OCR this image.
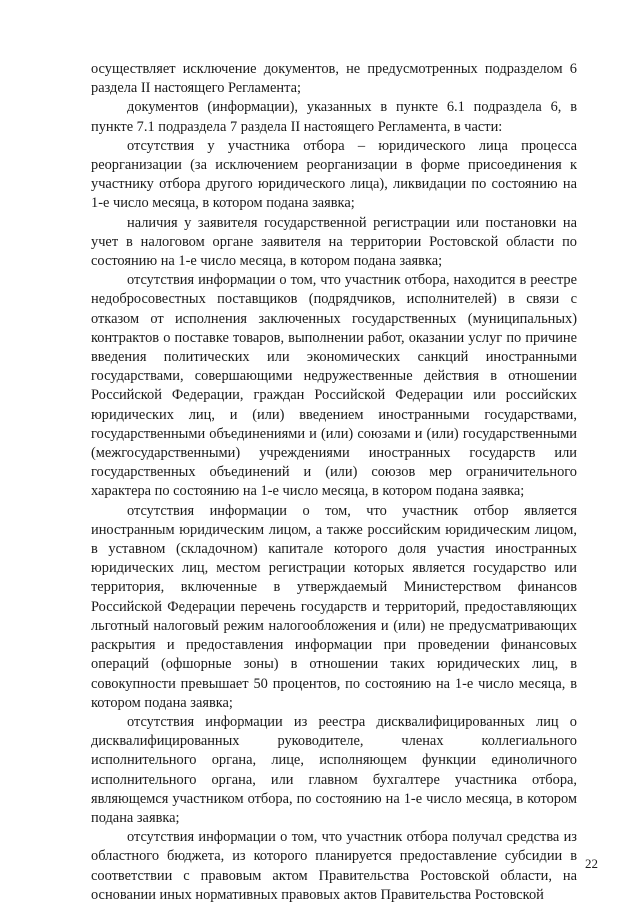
осуществляет исключение документов, не предусмотренных подразделом 6 раздела II настоящего Регламента;

документов (информации), указанных в пункте 6.1 подраздела 6, в пункте 7.1 подраздела 7 раздела II настоящего Регламента, в части:

отсутствия у участника отбора – юридического лица процесса реорганизации (за исключением реорганизации в форме присоединения к участнику отбора другого юридического лица), ликвидации по состоянию на 1-е число месяца, в котором подана заявка;

наличия у заявителя государственной регистрации или постановки на учет в налоговом органе заявителя на территории Ростовской области по состоянию на 1-е число месяца, в котором подана заявка;

отсутствия информации о том, что участник отбора, находится в реестре недобросовестных поставщиков (подрядчиков, исполнителей) в связи с отказом от исполнения заключенных государственных (муниципальных) контрактов о поставке товаров, выполнении работ, оказании услуг по причине введения политических или экономических санкций иностранными государствами, совершающими недружественные действия в отношении Российской Федерации, граждан Российской Федерации или российских юридических лиц, и (или) введением иностранными государствами, государственными объединениями и (или) союзами и (или) государственными (межгосударственными) учреждениями иностранных государств или государственных объединений и (или) союзов мер ограничительного характера по состоянию на 1-е число месяца, в котором подана заявка;

отсутствия информации о том, что участник отбор является иностранным юридическим лицом, а также российским юридическим лицом, в уставном (складочном) капитале которого доля участия иностранных юридических лиц, местом регистрации которых является государство или территория, включенные в утверждаемый Министерством финансов Российской Федерации перечень государств и территорий, предоставляющих льготный налоговый режим налогообложения и (или) не предусматривающих раскрытия и предоставления информации при проведении финансовых операций (офшорные зоны) в отношении таких юридических лиц, в совокупности превышает 50 процентов, по состоянию на 1-е число месяца, в котором подана заявка;

отсутствия информации из реестра дисквалифицированных лиц о дисквалифицированных руководителе, членах коллегиального исполнительного органа, лице, исполняющем функции единоличного исполнительного органа, или главном бухгалтере участника отбора, являющемся участником отбора, по состоянию на 1-е число месяца, в котором подана заявка;

отсутствия информации о том, что участник отбора получал средства из областного бюджета, из которого планируется предоставление субсидии в соответствии с правовым актом Правительства Ростовской области, на основании иных нормативных правовых актов Правительства Ростовской

22
